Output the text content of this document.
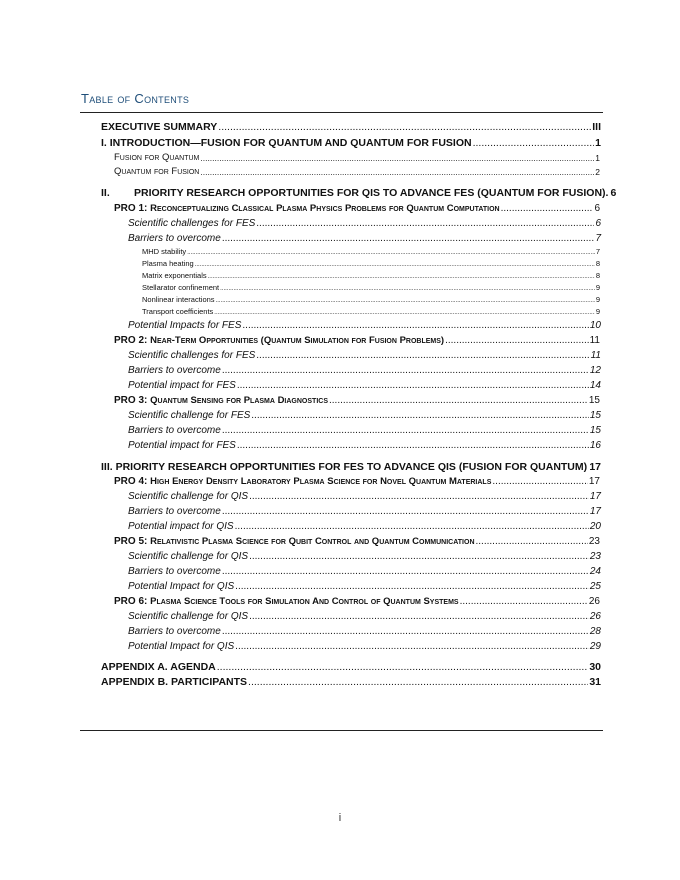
Table of Contents
EXECUTIVE SUMMARY .....	III
I. INTRODUCTION—FUSION FOR QUANTUM AND QUANTUM FOR FUSION .....	1
Fusion for Quantum .....	1
Quantum for Fusion .....	2
II. PRIORITY RESEARCH OPPORTUNITIES FOR QIS TO ADVANCE FES (QUANTUM FOR FUSION). 6
PRO 1: Reconceptualizing Classical Plasma Physics Problems for Quantum Computation .....	6
Scientific challenges for FES .....	6
Barriers to overcome .....	7
MHD stability .....	7
Plasma heating .....	8
Matrix exponentials .....	8
Stellarator confinement .....	9
Nonlinear interactions .....	9
Transport coefficients .....	9
Potential Impacts for FES .....	10
PRO 2: Near-Term Opportunities (Quantum Simulation for Fusion Problems) .....	11
Scientific challenges for FES .....	11
Barriers to overcome .....	12
Potential impact for FES .....	14
PRO 3: Quantum Sensing for Plasma Diagnostics .....	15
Scientific challenge for FES .....	15
Barriers to overcome .....	15
Potential impact for FES .....	16
III. PRIORITY RESEARCH OPPORTUNITIES FOR FES TO ADVANCE QIS (FUSION FOR QUANTUM) ..... 17
PRO 4: High Energy Density Laboratory Plasma Science for Novel Quantum Materials .....	17
Scientific challenge for QIS .....	17
Barriers to overcome .....	17
Potential impact for QIS .....	20
PRO 5: Relativistic Plasma Science for Qubit Control and Quantum Communication .....	23
Scientific challenge for QIS .....	23
Barriers to overcome .....	24
Potential Impact for QIS .....	25
PRO 6: Plasma Science Tools for Simulation And Control of Quantum Systems .....	26
Scientific challenge for QIS .....	26
Barriers to overcome .....	28
Potential Impact for QIS .....	29
APPENDIX A. AGENDA .....	30
APPENDIX B. PARTICIPANTS .....	31
i
